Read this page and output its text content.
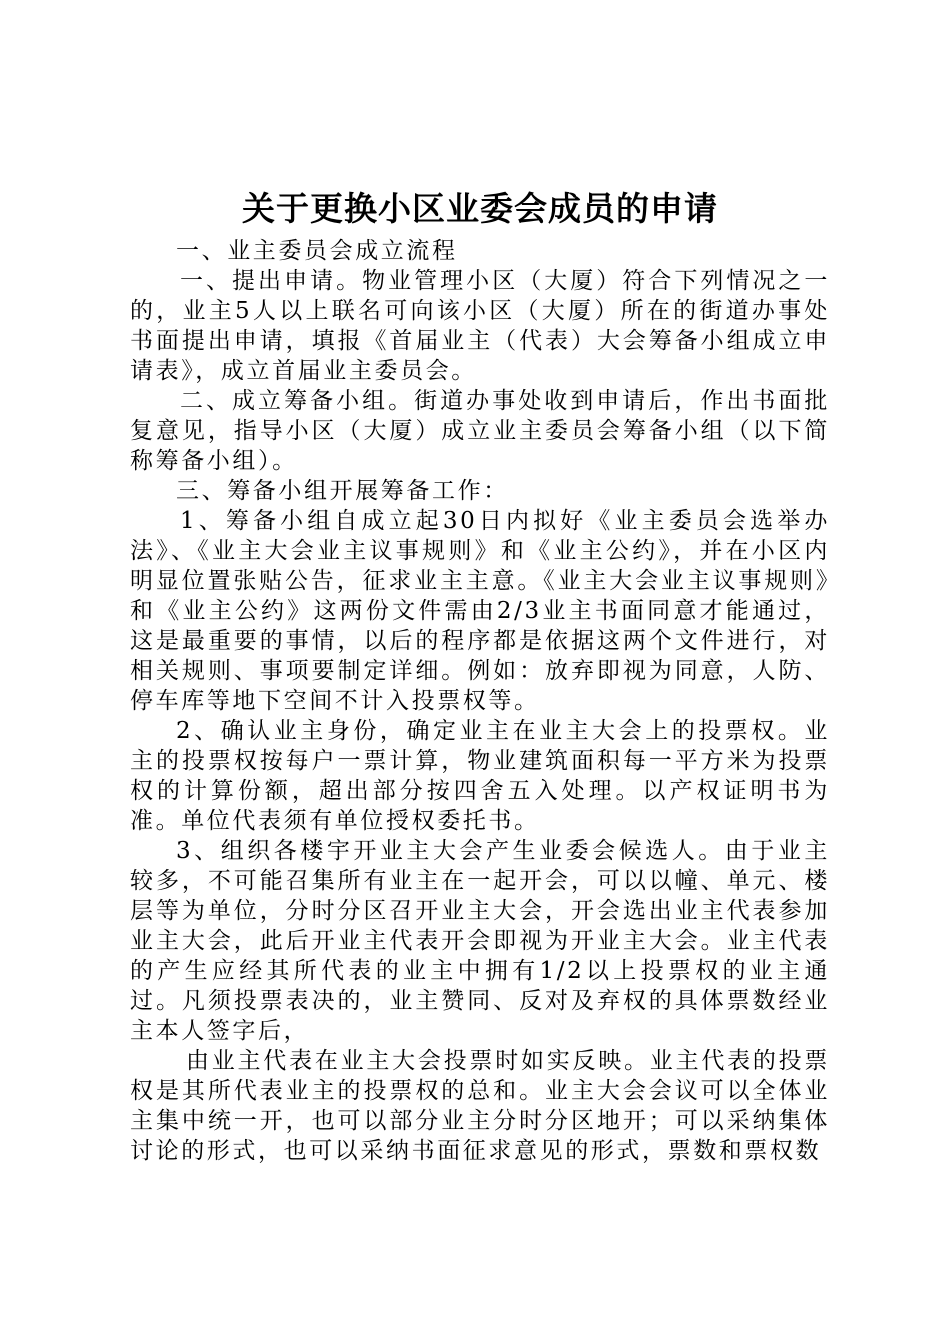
关于更换小区业委会成员的申请

一、业主委员会成立流程

一、提出申请。物业管理小区（大厦）符合下列情况之一的，业主5人以上联名可向该小区（大厦）所在的街道办事处书面提出申请，填报《首届业主（代表）大会筹备小组成立申请表》，成立首届业主委员会。

二、成立筹备小组。街道办事处收到申请后，作出书面批复意见，指导小区（大厦）成立业主委员会筹备小组（以下简称筹备小组）。

三、筹备小组开展筹备工作：

1、筹备小组自成立起30日内拟好《业主委员会选举办法》、《业主大会业主议事规则》和《业主公约》，并在小区内明显位置张贴公告，征求业主主意。《业主大会业主议事规则》和《业主公约》这两份文件需由2/3业主书面同意才能通过，这是最重要的事情，以后的程序都是依据这两个文件进行，对相关规则、事项要制定详细。例如：放弃即视为同意，人防、停车库等地下空间不计入投票权等。

2、确认业主身份，确定业主在业主大会上的投票权。业主的投票权按每户一票计算，物业建筑面积每一平方米为投票权的计算份额，超出部分按四舍五入处理。以产权证明书为准。单位代表须有单位授权委托书。

3、组织各楼宇开业主大会产生业委会候选人。由于业主较多，不可能召集所有业主在一起开会，可以以幢、单元、楼层等为单位，分时分区召开业主大会，开会选出业主代表参加业主大会，此后开业主代表开会即视为开业主大会。业主代表的产生应经其所代表的业主中拥有1/2以上投票权的业主通过。凡须投票表决的，业主赞同、反对及弃权的具体票数经业主本人签字后，

由业主代表在业主大会投票时如实反映。业主代表的投票权是其所代表业主的投票权的总和。业主大会会议可以全体业主集中统一开，也可以部分业主分时分区地开；可以采纳集体讨论的形式，也可以采纳书面征求意见的形式，票数和票权数
